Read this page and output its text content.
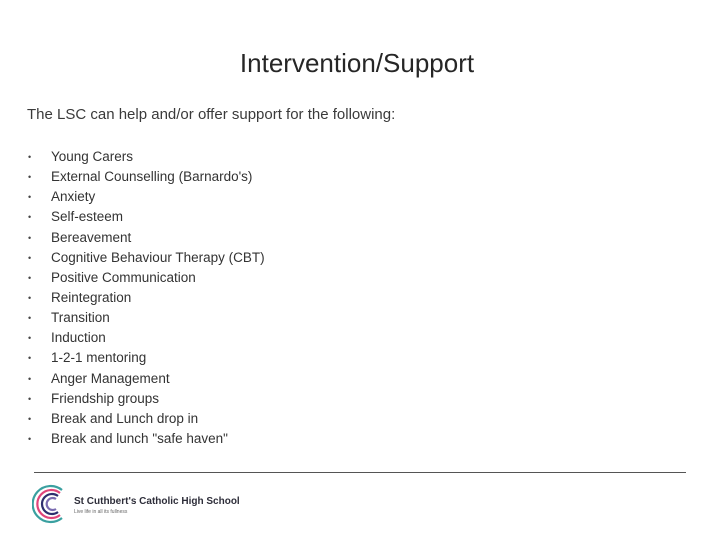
Intervention/Support
The LSC can help and/or offer support for the following:
•	Young Carers
•	External Counselling (Barnardo's)
•	Anxiety
•	Self-esteem
•	Bereavement
•	Cognitive Behaviour Therapy (CBT)
•	Positive Communication
•	Reintegration
•	Transition
•	Induction
•	1-2-1 mentoring
•	Anger Management
•	Friendship groups
•	Break and Lunch drop in
•	Break and lunch "safe haven"
St Cuthbert's Catholic High School
Live life in all its fullness
